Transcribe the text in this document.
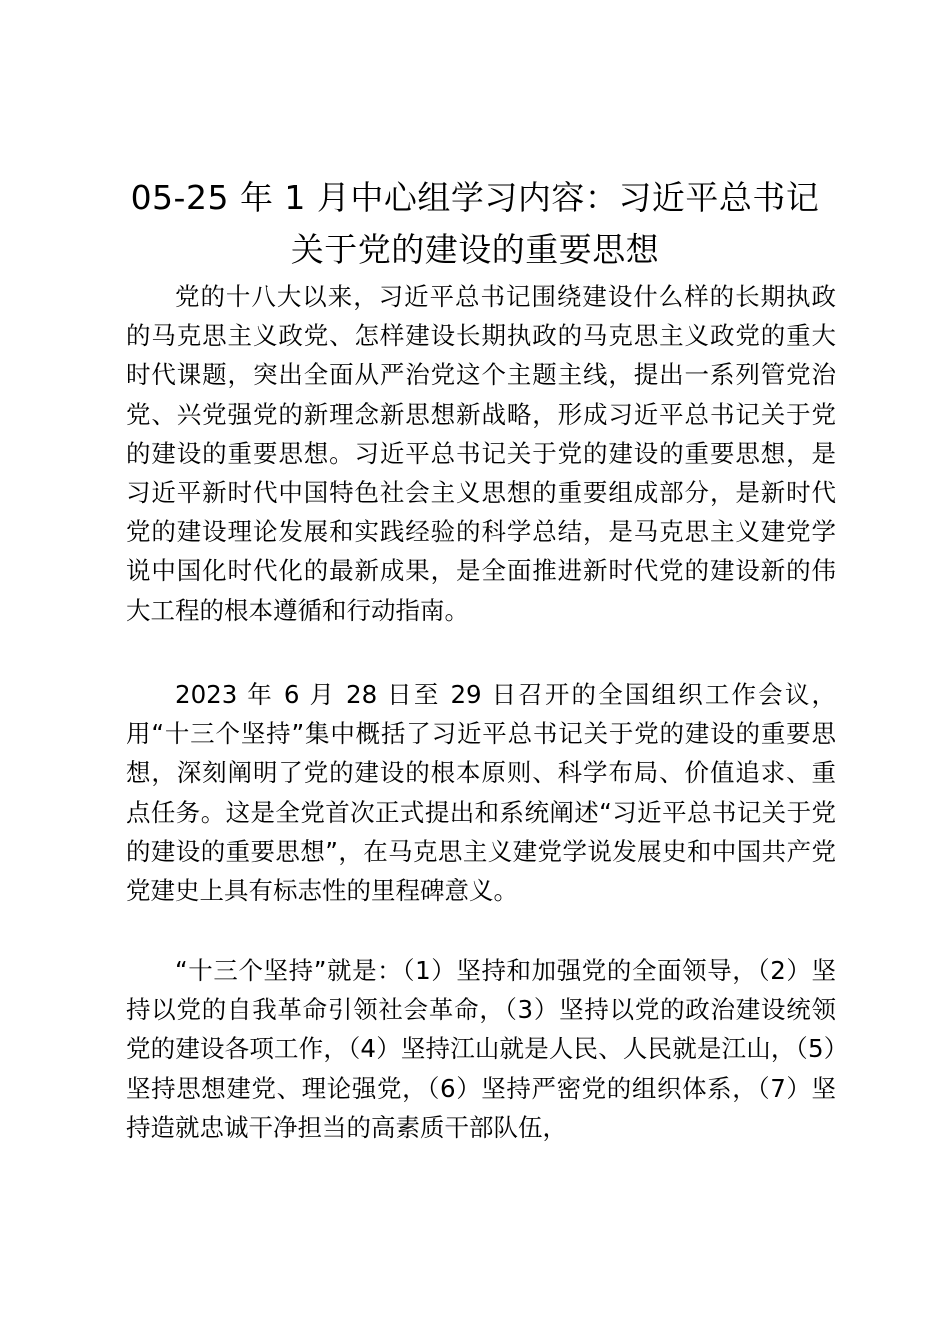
05-25 年 1 月中心组学习内容：习近平总书记关于党的建设的重要思想

党的十八大以来，习近平总书记围绕建设什么样的长期执政的马克思主义政党、怎样建设长期执政的马克思主义政党的重大时代课题，突出全面从严治党这个主题主线，提出一系列管党治党、兴党强党的新理念新思想新战略，形成习近平总书记关于党的建设的重要思想。习近平总书记关于党的建设的重要思想，是习近平新时代中国特色社会主义思想的重要组成部分，是新时代党的建设理论发展和实践经验的科学总结，是马克思主义建党学说中国化时代化的最新成果，是全面推进新时代党的建设新的伟大工程的根本遵循和行动指南。

2023 年 6 月 28 日至 29 日召开的全国组织工作会议，用“十三个坚持”集中概括了习近平总书记关于党的建设的重要思想，深刻阐明了党的建设的根本原则、科学布局、价值追求、重点任务。这是全党首次正式提出和系统阐述“习近平总书记关于党的建设的重要思想”，在马克思主义建党学说发展史和中国共产党党建史上具有标志性的里程碑意义。

“十三个坚持”就是：（1）坚持和加强党的全面领导，（2）坚持以党的自我革命引领社会革命，（3）坚持以党的政治建设统领党的建设各项工作，（4）坚持江山就是人民、人民就是江山，（5）坚持思想建党、理论强党，（6）坚持严密党的组织体系，（7）坚持造就忠诚干净担当的高素质干部队伍，
